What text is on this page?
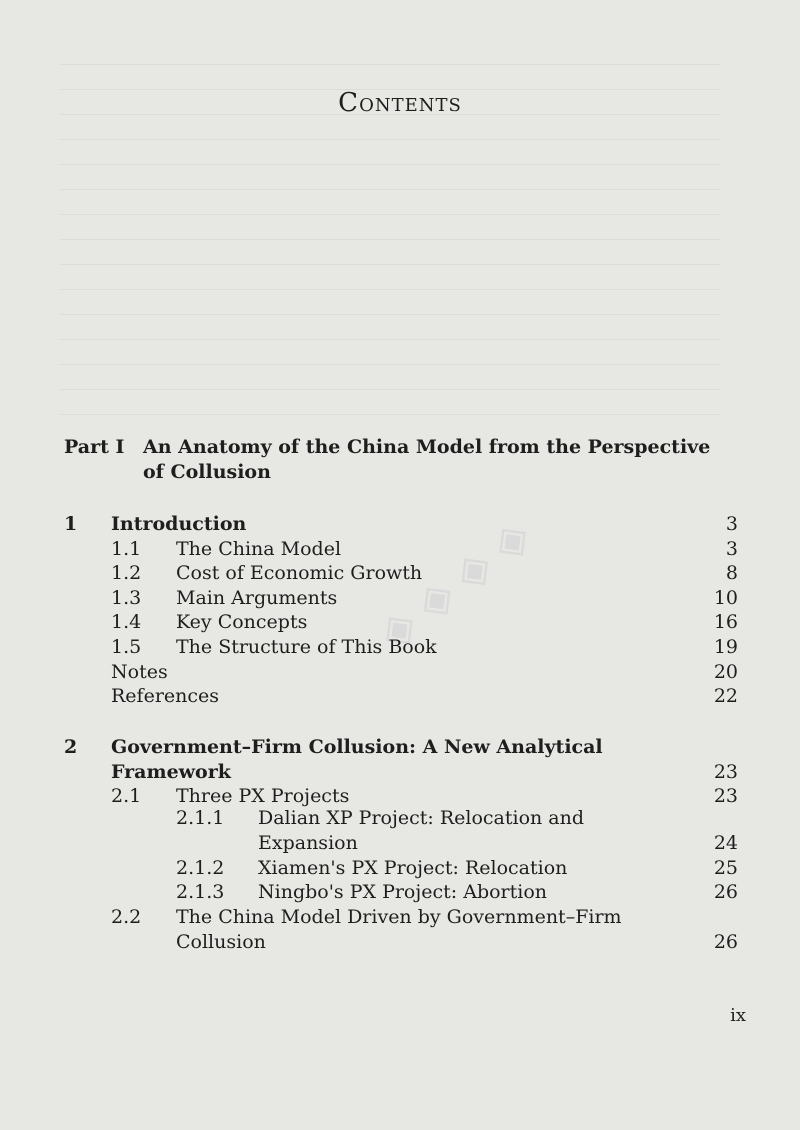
◈ ◈ ◈ ◈
Contents
Part I An Anatomy of the China Model from the Perspective
of Collusion
1 Introduction	3
1.1 The China Model	3
1.2 Cost of Economic Growth	8
1.3 Main Arguments	10
1.4 Key Concepts	16
1.5 The Structure of This Book	19
Notes	20
References	22
2 Government–Firm Collusion: A New Analytical
Framework	23
2.1 Three PX Projects	23
2.1.1 Dalian XP Project: Relocation and
Expansion	24
2.1.2 Xiamen's PX Project: Relocation	25
2.1.3 Ningbo's PX Project: Abortion	26
2.2 The China Model Driven by Government–Firm
Collusion	26
ix
